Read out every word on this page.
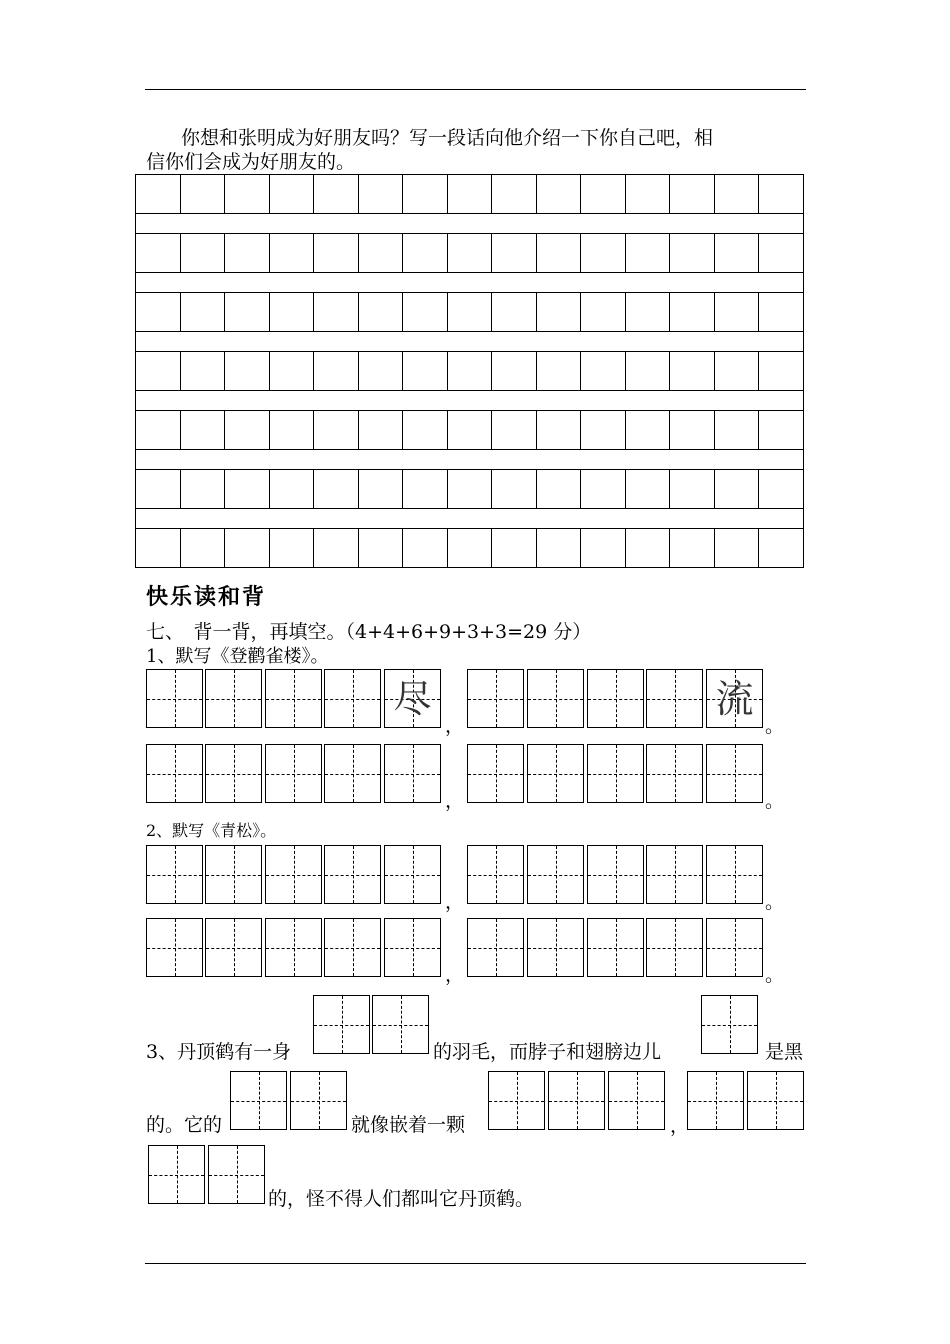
你想和张明成为好朋友吗？写一段话向他介绍一下你自己吧，相
信你们会成为好朋友的。
快乐读和背
七、　背一背，再填空。（4+4+6+9+3+3=29 分）
1、默写《登鹳雀楼》。
尽
，
流
。
，	。
2、默写《青松》。
，	。
，	。
3、丹顶鹤有一身	的羽毛，而脖子和翅膀边儿	是黑
的。它的	就像嵌着一颗
的，怪不得人们都叫它丹顶鹤。
，
